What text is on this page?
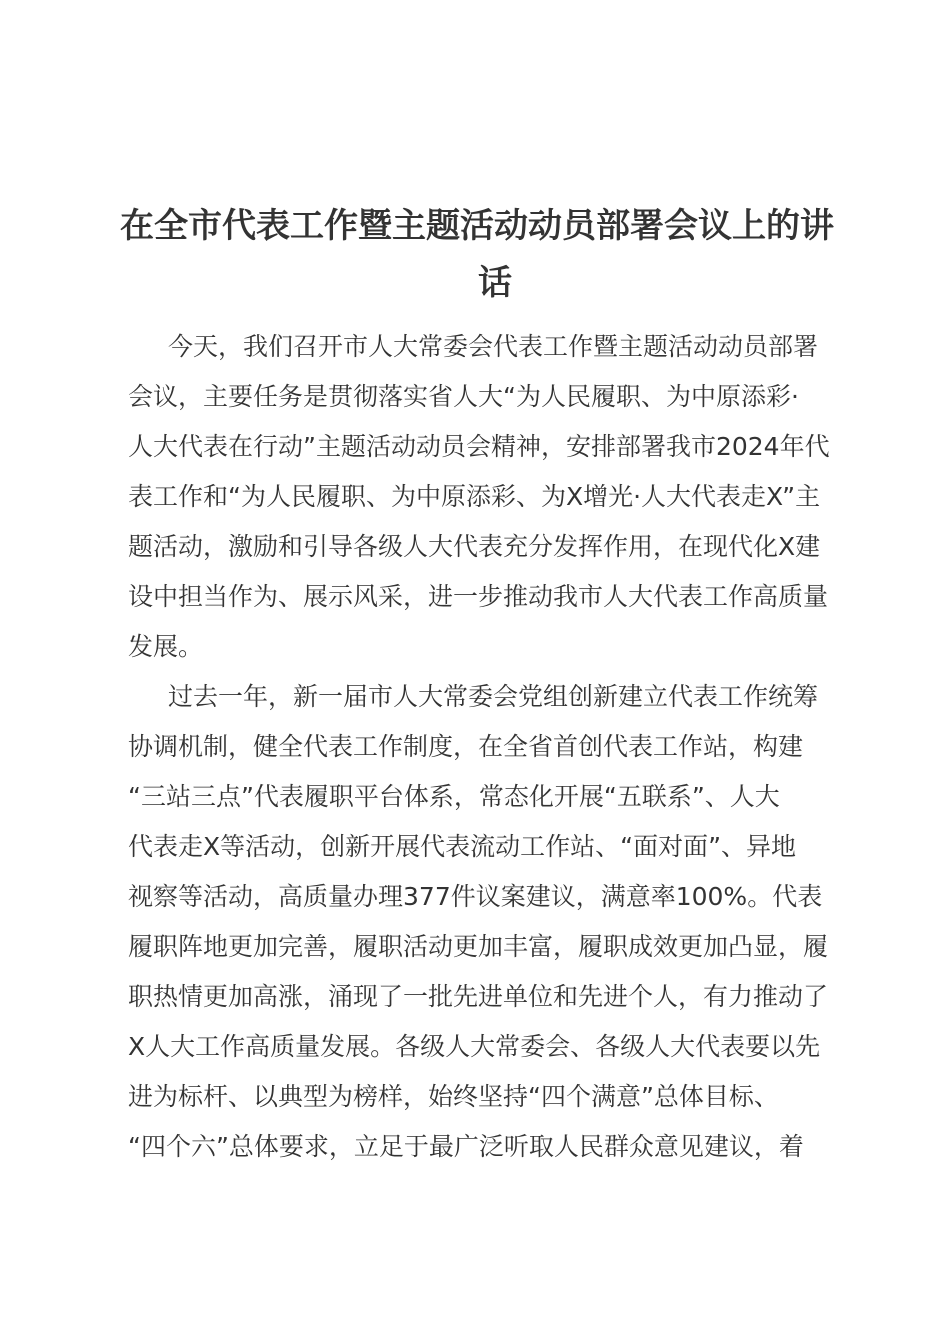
在全市代表工作暨主题活动动员部署会议上的讲
话
今天，我们召开市人大常委会代表工作暨主题活动动员部署
会议，主要任务是贯彻落实省人大“为人民履职、为中原添彩·
人大代表在行动”主题活动动员会精神，安排部署我市2024年代
表工作和“为人民履职、为中原添彩、为X增光·人大代表走X”主
题活动，激励和引导各级人大代表充分发挥作用，在现代化X建
设中担当作为、展示风采，进一步推动我市人大代表工作高质量
发展。
过去一年，新一届市人大常委会党组创新建立代表工作统筹
协调机制，健全代表工作制度，在全省首创代表工作站，构建
“三站三点”代表履职平台体系，常态化开展“五联系”、人大
代表走X等活动，创新开展代表流动工作站、“面对面”、异地
视察等活动，高质量办理377件议案建议，满意率100%。代表
履职阵地更加完善，履职活动更加丰富，履职成效更加凸显，履
职热情更加高涨，涌现了一批先进单位和先进个人，有力推动了
X人大工作高质量发展。各级人大常委会、各级人大代表要以先
进为标杆、以典型为榜样，始终坚持“四个满意”总体目标、
“四个六”总体要求，立足于最广泛听取人民群众意见建议，着
